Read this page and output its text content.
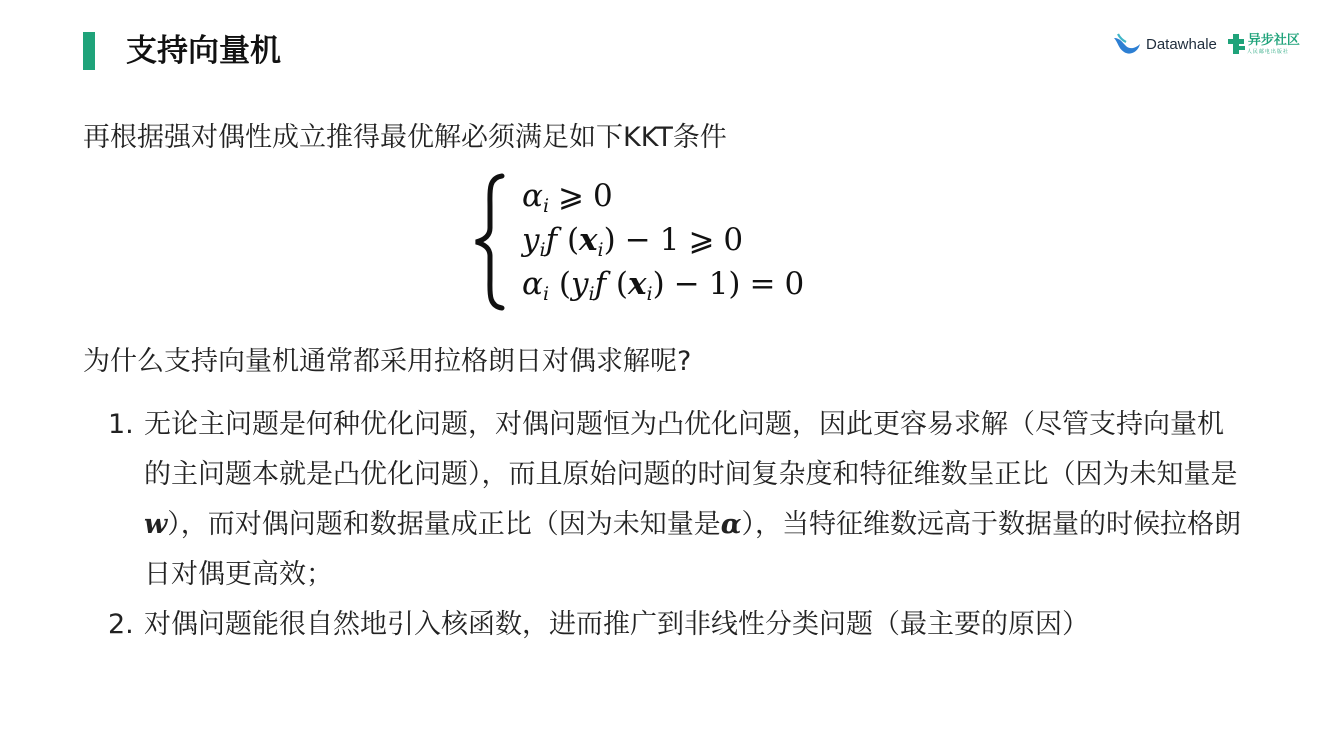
支持向量机	Datawhale 异步社区
人民邮电出版社
再根据强对偶性成立推得最优解必须满足如下KKT条件
$\alpha_i$ ⩾ 0
$y_if$ $(x_i) - 1$ ⩾ 0
$\alpha_i$ ($y_if$ $(x_i) - 1) = 0$
为什么支持向量机通常都采用拉格朗日对偶求解呢?
1. 无论主问题是何种优化问题，对偶问题恒为凸优化问题，因此更容易求解（尽管支持向量机的主问题本就是凸优化问题），而且原始问题的时间复杂度和特征维数呈正比（因为未知量是w），而对偶问题和数据量成正比（因为未知量是α），当特征维数远高于数据量的时候拉格朗日对偶更高效；
2. 对偶问题能很自然地引入核函数，进而推广到非线性分类问题（最主要的原因）
